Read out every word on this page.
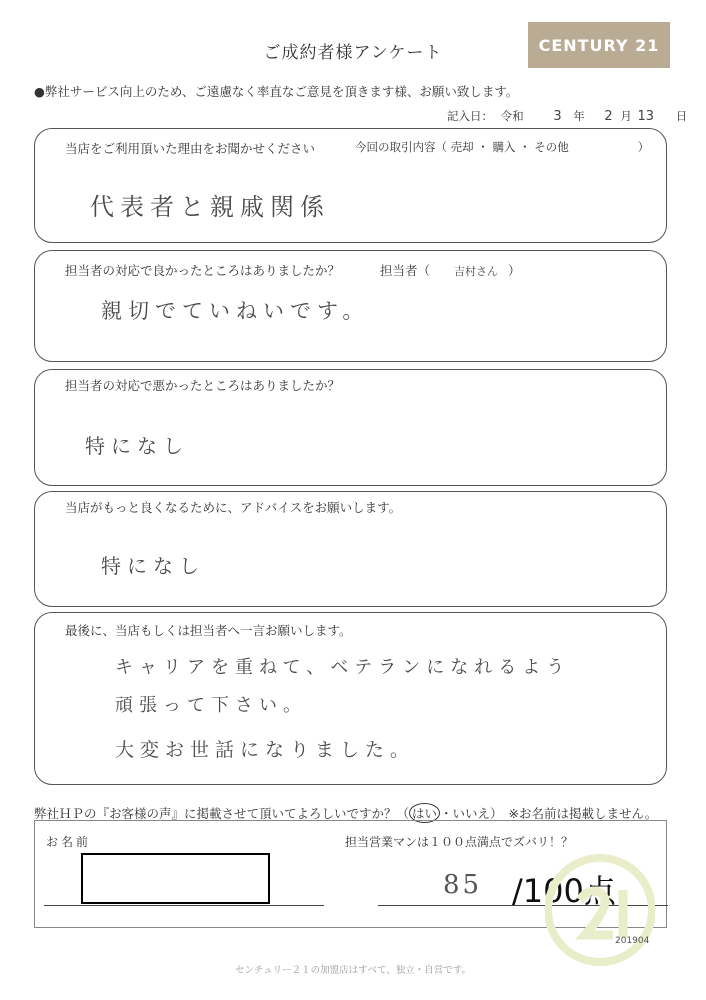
ご成約者様アンケート	CENTURY 21
●弊社サービス向上のため、ご遠慮なく率直なご意見を頂きます様、お願い致します。
記入日： 令和 3 年 2 月 13 日
当店をご利用頂いた理由をお聞かせください	今回の取引内容（ 売却 ・ 購入 ・ その他　　　　　　）
代表者と親戚関係
担当者の対応で良かったところはありましたか？	担当者（ 吉村さん ）
親切でていねいです。
担当者の対応で悪かったところはありましたか？
特になし
当店がもっと良くなるために、アドバイスをお願いします。
特になし
最後に、当店もしくは担当者へ一言お願いします。
キャリアを重ねて、ベテランになれるよう
頑張って下さい。
大変お世話になりました。
弊社ＨＰの『お客様の声』に掲載させて頂いてよろしいですか？（ はい ・いいえ） ※お名前は掲載しません。
お名前	担当営業マンは１００点満点でズバリ！？
85 /100点
201904
センチュリー２１の加盟店はすべて、独立・自営です。
